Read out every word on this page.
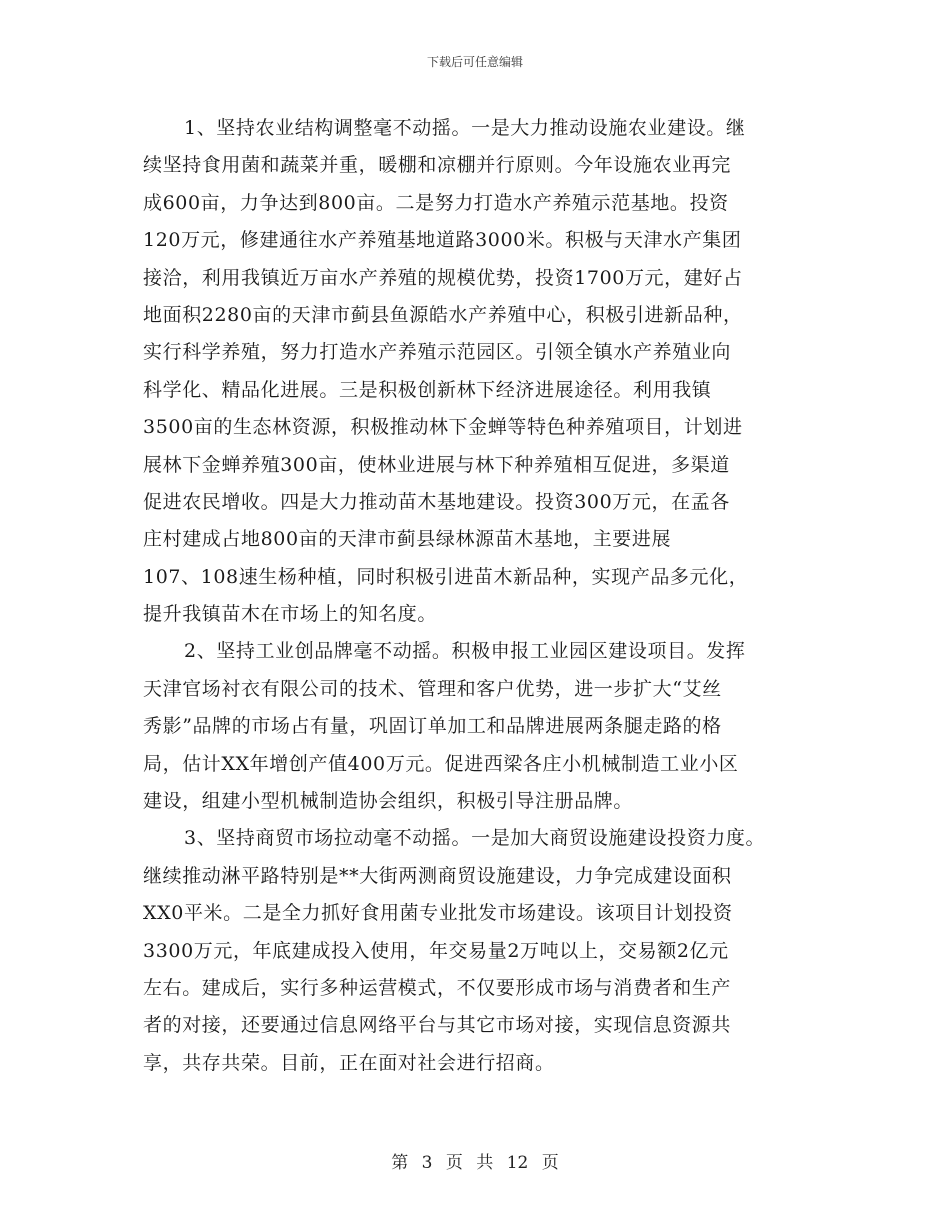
下载后可任意编辑
1、坚持农业结构调整毫不动摇。一是大力推动设施农业建设。继
续坚持食用菌和蔬菜并重，暖棚和凉棚并行原则。今年设施农业再完
成600亩，力争达到800亩。二是努力打造水产养殖示范基地。投资
120万元，修建通往水产养殖基地道路3000米。积极与天津水产集团
接洽，利用我镇近万亩水产养殖的规模优势，投资1700万元，建好占
地面积2280亩的天津市蓟县鱼源皓水产养殖中心，积极引进新品种，
实行科学养殖，努力打造水产养殖示范园区。引领全镇水产养殖业向
科学化、精品化进展。三是积极创新林下经济进展途径。利用我镇
3500亩的生态林资源，积极推动林下金蝉等特色种养殖项目，计划进
展林下金蝉养殖300亩，使林业进展与林下种养殖相互促进，多渠道
促进农民增收。四是大力推动苗木基地建设。投资300万元，在孟各
庄村建成占地800亩的天津市蓟县绿林源苗木基地，主要进展
107、108速生杨种植，同时积极引进苗木新品种，实现产品多元化，
提升我镇苗木在市场上的知名度。
2、坚持工业创品牌毫不动摇。积极申报工业园区建设项目。发挥
天津官场衬衣有限公司的技术、管理和客户优势，进一步扩大“艾丝
秀影”品牌的市场占有量，巩固订单加工和品牌进展两条腿走路的格
局，估计XX年增创产值400万元。促进西梁各庄小机械制造工业小区
建设，组建小型机械制造协会组织，积极引导注册品牌。
3、坚持商贸市场拉动毫不动摇。一是加大商贸设施建设投资力度。
继续推动淋平路特别是**大街两测商贸设施建设，力争完成建设面积
XX0平米。二是全力抓好食用菌专业批发市场建设。该项目计划投资
3300万元，年底建成投入使用，年交易量2万吨以上，交易额2亿元
左右。建成后，实行多种运营模式，不仅要形成市场与消费者和生产
者的对接，还要通过信息网络平台与其它市场对接，实现信息资源共
享，共存共荣。目前，正在面对社会进行招商。
第 3 页 共 12 页
